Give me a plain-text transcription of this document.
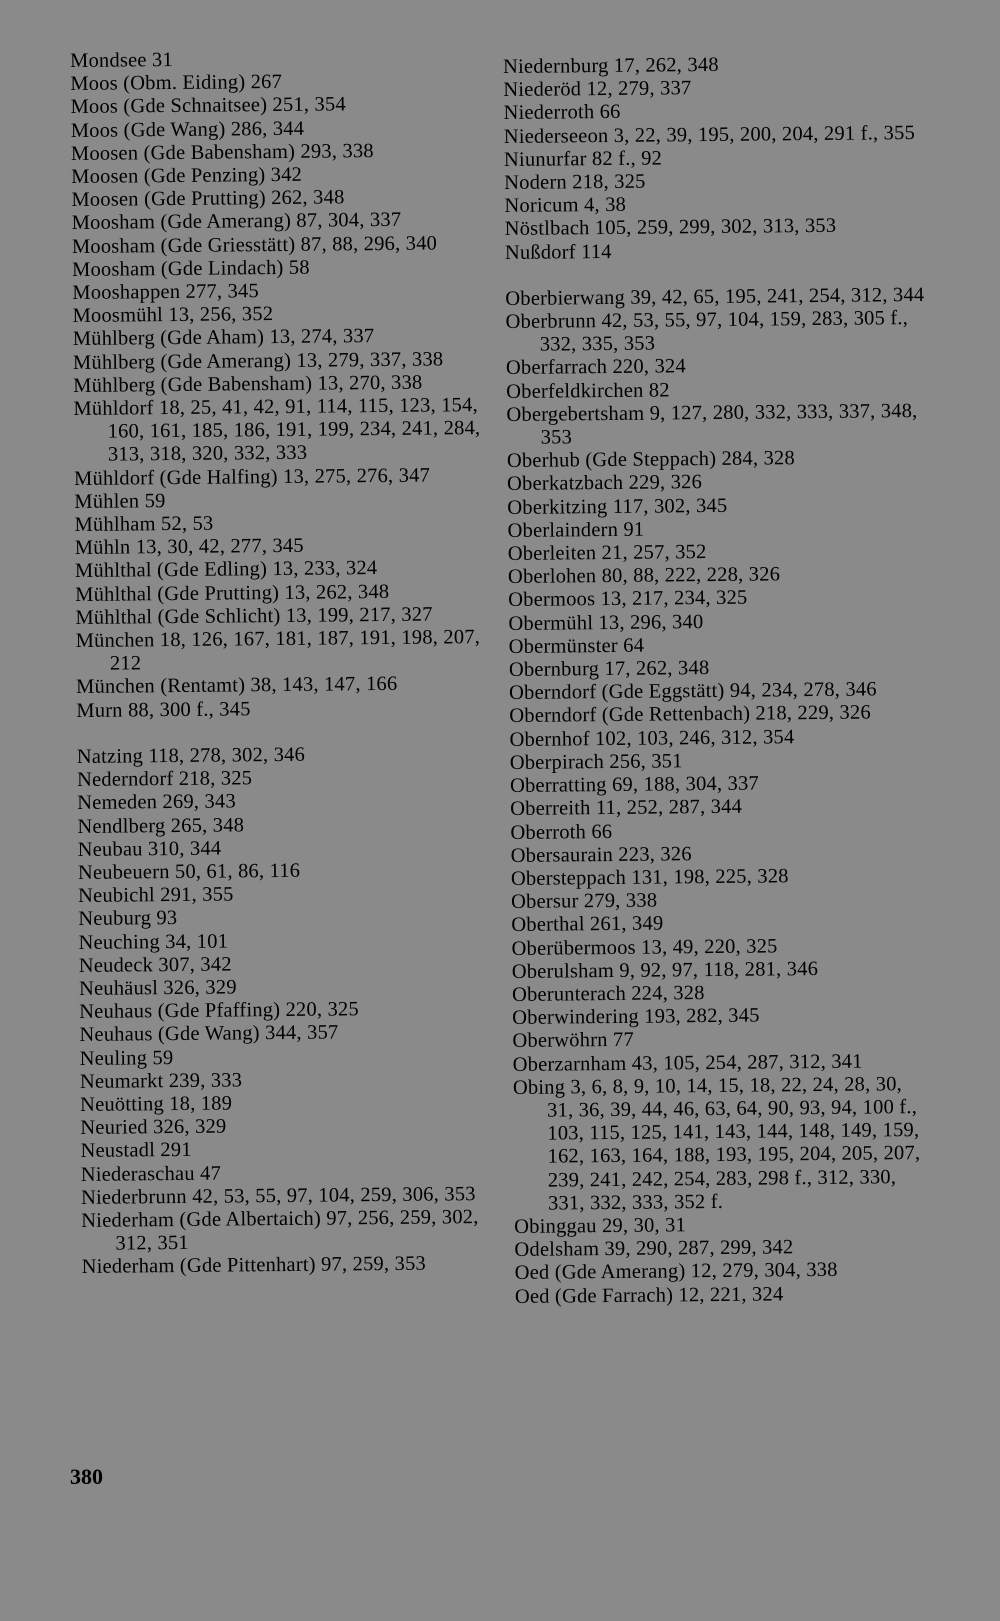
Mondsee 31

Moos (Obm. Eiding) 267

Moos (Gde Schnaitsee) 251, 354

Moos (Gde Wang) 286, 344

Moosen (Gde Babensham) 293, 338

Moosen (Gde Penzing) 342

Moosen (Gde Prutting) 262, 348

Moosham (Gde Amerang) 87, 304, 337

Moosham (Gde Griesstätt) 87, 88, 296, 340

Moosham (Gde Lindach) 58

Mooshappen 277, 345

Moosmühl 13, 256, 352

Mühlberg (Gde Aham) 13, 274, 337

Mühlberg (Gde Amerang) 13, 279, 337, 338

Mühlberg (Gde Babensham) 13, 270, 338

Mühldorf 18, 25, 41, 42, 91, 114, 115, 123, 154, 160, 161, 185, 186, 191, 199, 234, 241, 284, 313, 318, 320, 332, 333

Mühldorf (Gde Halfing) 13, 275, 276, 347

Mühlen 59

Mühlham 52, 53

Mühln 13, 30, 42, 277, 345

Mühlthal (Gde Edling) 13, 233, 324

Mühlthal (Gde Prutting) 13, 262, 348

Mühlthal (Gde Schlicht) 13, 199, 217, 327

München 18, 126, 167, 181, 187, 191, 198, 207, 212

München (Rentamt) 38, 143, 147, 166

Murn 88, 300 f., 345

Natzing 118, 278, 302, 346

Nederndorf 218, 325

Nemeden 269, 343

Nendlberg 265, 348

Neubau 310, 344

Neubeuern 50, 61, 86, 116

Neubichl 291, 355

Neuburg 93

Neuching 34, 101

Neudeck 307, 342

Neuhäusl 326, 329

Neuhaus (Gde Pfaffing) 220, 325

Neuhaus (Gde Wang) 344, 357

Neuling 59

Neumarkt 239, 333

Neuötting 18, 189

Neuried 326, 329

Neustadl 291

Niederaschau 47

Niederbrunn 42, 53, 55, 97, 104, 259, 306, 353

Niederham (Gde Albertaich) 97, 256, 259, 302, 312, 351

Niederham (Gde Pittenhart) 97, 259, 353

Niedernburg 17, 262, 348

Niederöd 12, 279, 337

Niederroth 66

Niederseeon 3, 22, 39, 195, 200, 204, 291 f., 355

Niunurfar 82 f., 92

Nodern 218, 325

Noricum 4, 38

Nöstlbach 105, 259, 299, 302, 313, 353

Nußdorf 114

Oberbierwang 39, 42, 65, 195, 241, 254, 312, 344

Oberbrunn 42, 53, 55, 97, 104, 159, 283, 305 f., 332, 335, 353

Oberfarrach 220, 324

Oberfeldkirchen 82

Obergebertsham 9, 127, 280, 332, 333, 337, 348, 353

Oberhub (Gde Steppach) 284, 328

Oberkatzbach 229, 326

Oberkitzing 117, 302, 345

Oberlaindern 91

Oberleiten 21, 257, 352

Oberlohen 80, 88, 222, 228, 326

Obermoos 13, 217, 234, 325

Obermühl 13, 296, 340

Obermünster 64

Obernburg 17, 262, 348

Oberndorf (Gde Eggstätt) 94, 234, 278, 346

Oberndorf (Gde Rettenbach) 218, 229, 326

Obernhof 102, 103, 246, 312, 354

Oberpirach 256, 351

Oberratting 69, 188, 304, 337

Oberreith 11, 252, 287, 344

Oberroth 66

Obersaurain 223, 326

Obersteppach 131, 198, 225, 328

Obersur 279, 338

Oberthal 261, 349

Oberübermoos 13, 49, 220, 325

Oberulsham 9, 92, 97, 118, 281, 346

Oberunterach 224, 328

Oberwindering 193, 282, 345

Oberwöhrn 77

Oberzarnham 43, 105, 254, 287, 312, 341

Obing 3, 6, 8, 9, 10, 14, 15, 18, 22, 24, 28, 30, 31, 36, 39, 44, 46, 63, 64, 90, 93, 94, 100 f., 103, 115, 125, 141, 143, 144, 148, 149, 159, 162, 163, 164, 188, 193, 195, 204, 205, 207, 239, 241, 242, 254, 283, 298 f., 312, 330, 331, 332, 333, 352 f.

Obinggau 29, 30, 31

Odelsham 39, 290, 287, 299, 342

Oed (Gde Amerang) 12, 279, 304, 338

Oed (Gde Farrach) 12, 221, 324

380
